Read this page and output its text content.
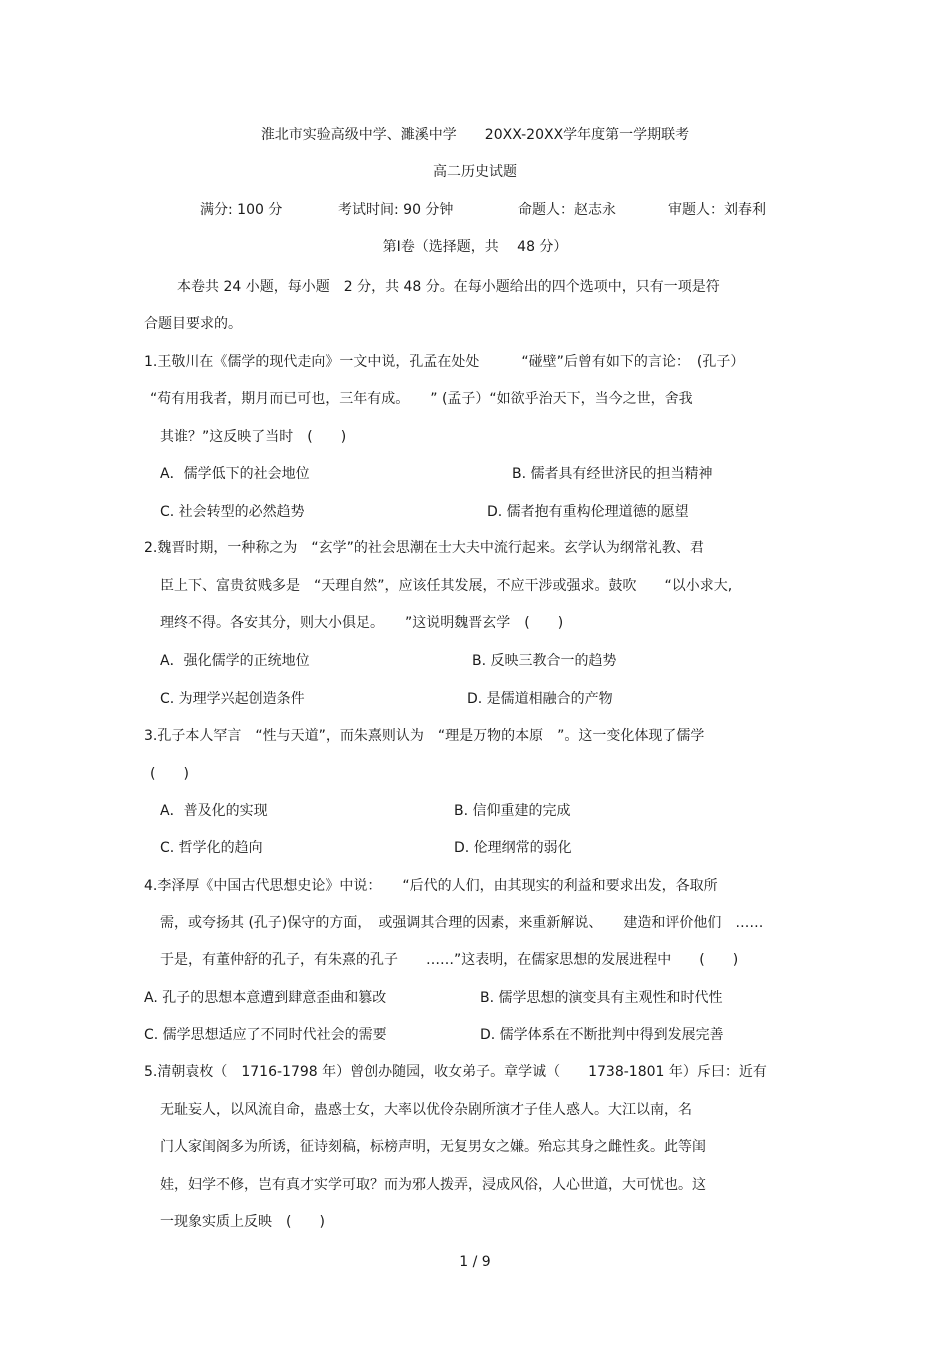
淮北市实验高级中学、濉溪中学　　20XX-20XX学年度第一学期联考
高二历史试题
满分: 100 分	考试时间: 90 分钟	命题人：赵志永	审题人：刘春利
第Ⅰ卷（选择题，共　 48 分）
本卷共 24 小题，每小题　2 分，共 48 分。在每小题给出的四个选项中，只有一项是符
合题目要求的。
1.王敬川在《儒学的现代走向》一文中说，孔孟在处处　　　“碰壁”后曾有如下的言论：　(孔子）
“苟有用我者，期月而已可也，三年有成。　　” (孟子）“如欲乎治天下，当今之世，舍我
其谁？”这反映了当时　(　　)
A．儒学低下的社会地位	B. 儒者具有经世济民的担当精神
C. 社会转型的必然趋势	D. 儒者抱有重构伦理道德的愿望
2.魏晋时期，一种称之为　“玄学”的社会思潮在士大夫中流行起来。玄学认为纲常礼教、君
臣上下、富贵贫贱多是　“天理自然”，应该任其发展，不应干涉或强求。鼓吹　　“以小求大,
理终不得。各安其分，则大小俱足。　　”这说明魏晋玄学　(　　)
A．强化儒学的正统地位	B. 反映三教合一的趋势
C. 为理学兴起创造条件	D. 是儒道相融合的产物
3.孔子本人罕言　“性与天道”，而朱熹则认为　“理是万物的本原　”。这一变化体现了儒学
(　　)
A．普及化的实现	B. 信仰重建的完成
C. 哲学化的趋向	D. 伦理纲常的弱化
4.李泽厚《中国古代思想史论》中说：　　“后代的人们，由其现实的利益和要求出发，各取所
需，或夸扬其 (孔子)保守的方面，　或强调其合理的因素，来重新解说、　　建造和评价他们　……
于是，有董仲舒的孔子，有朱熹的孔子　　……”这表明，在儒家思想的发展进程中　　(　　)
A. 孔子的思想本意遭到肆意歪曲和篡改	B. 儒学思想的演变具有主观性和时代性
C. 儒学思想适应了不同时代社会的需要	D. 儒学体系在不断批判中得到发展完善
5.清朝袁枚（　1716-1798 年）曾创办随园，收女弟子。章学诚（　　1738-1801 年）斥曰：近有
无耻妄人，以风流自命，蛊惑士女，大率以优伶杂剧所演才子佳人惑人。大江以南，名
门人家闺阁多为所诱，征诗刻稿，标榜声明，无复男女之嫌。殆忘其身之雌性炙。此等闺
娃，妇学不修，岂有真才实学可取？而为邪人拨弄，浸成风俗，人心世道，大可忧也。这
一现象实质上反映　(　　)
1 / 9
